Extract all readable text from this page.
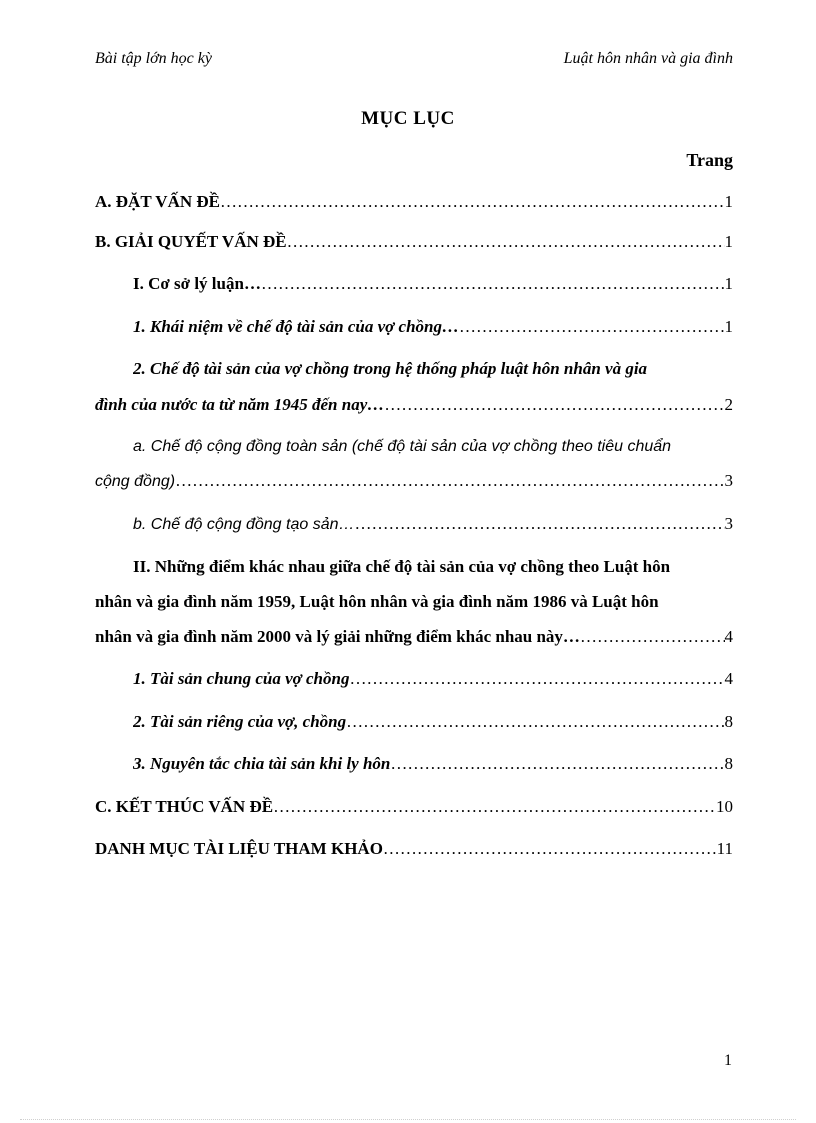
Bài tập lớn học kỳ	Luật hôn nhân và gia đình
MỤC LỤC
Trang
A. ĐẶT VẤN ĐỀ ……………………………………………………………………………………………………………………………………………………………………………………………	1
B. GIẢI QUYẾT VẤN ĐỀ ……………………………………………………………………………………………………………………………………………………………………………………………	1
I. Cơ sở lý luận… ……………………………………………………………………………………………………………………………………………………………………………………………	1
1. Khái niệm về chế độ tài sản của vợ chồng… ……………………………………………………………………………………………………………………………………………………………………………………………	1
2. Chế độ tài sản của vợ chồng trong hệ thống pháp luật hôn nhân và gia
đình của nước ta từ năm 1945 đến nay… ……………………………………………………………………………………………………………………………………………………………………………………………	2
a. Chế độ cộng đồng toàn sản (chế độ tài sản của vợ chồng theo tiêu chuẩn
cộng đồng) ……………………………………………………………………………………………………………………………………………………………………………………………	3
b. Chế độ cộng đồng tạo sản… ……………………………………………………………………………………………………………………………………………………………………………………………	3
II. Những điểm khác nhau giữa chế độ tài sản của vợ chồng theo Luật hôn
nhân và gia đình năm 1959, Luật hôn nhân và gia đình năm 1986 và Luật hôn
nhân và gia đình năm 2000 và lý giải những điểm khác nhau này… ……………………………………………………………………………………………………………………………………………………………………………………………	4
1. Tài sản chung của vợ chồng ……………………………………………………………………………………………………………………………………………………………………………………………	4
2. Tài sản riêng của vợ, chồng ……………………………………………………………………………………………………………………………………………………………………………………………	8
3. Nguyên tắc chia tài sản khi ly hôn ……………………………………………………………………………………………………………………………………………………………………………………………	8
C. KẾT THÚC VẤN ĐỀ ……………………………………………………………………………………………………………………………………………………………………………………………	10
DANH MỤC TÀI LIỆU THAM KHẢO ……………………………………………………………………………………………………………………………………………………………………………………………	11
1
